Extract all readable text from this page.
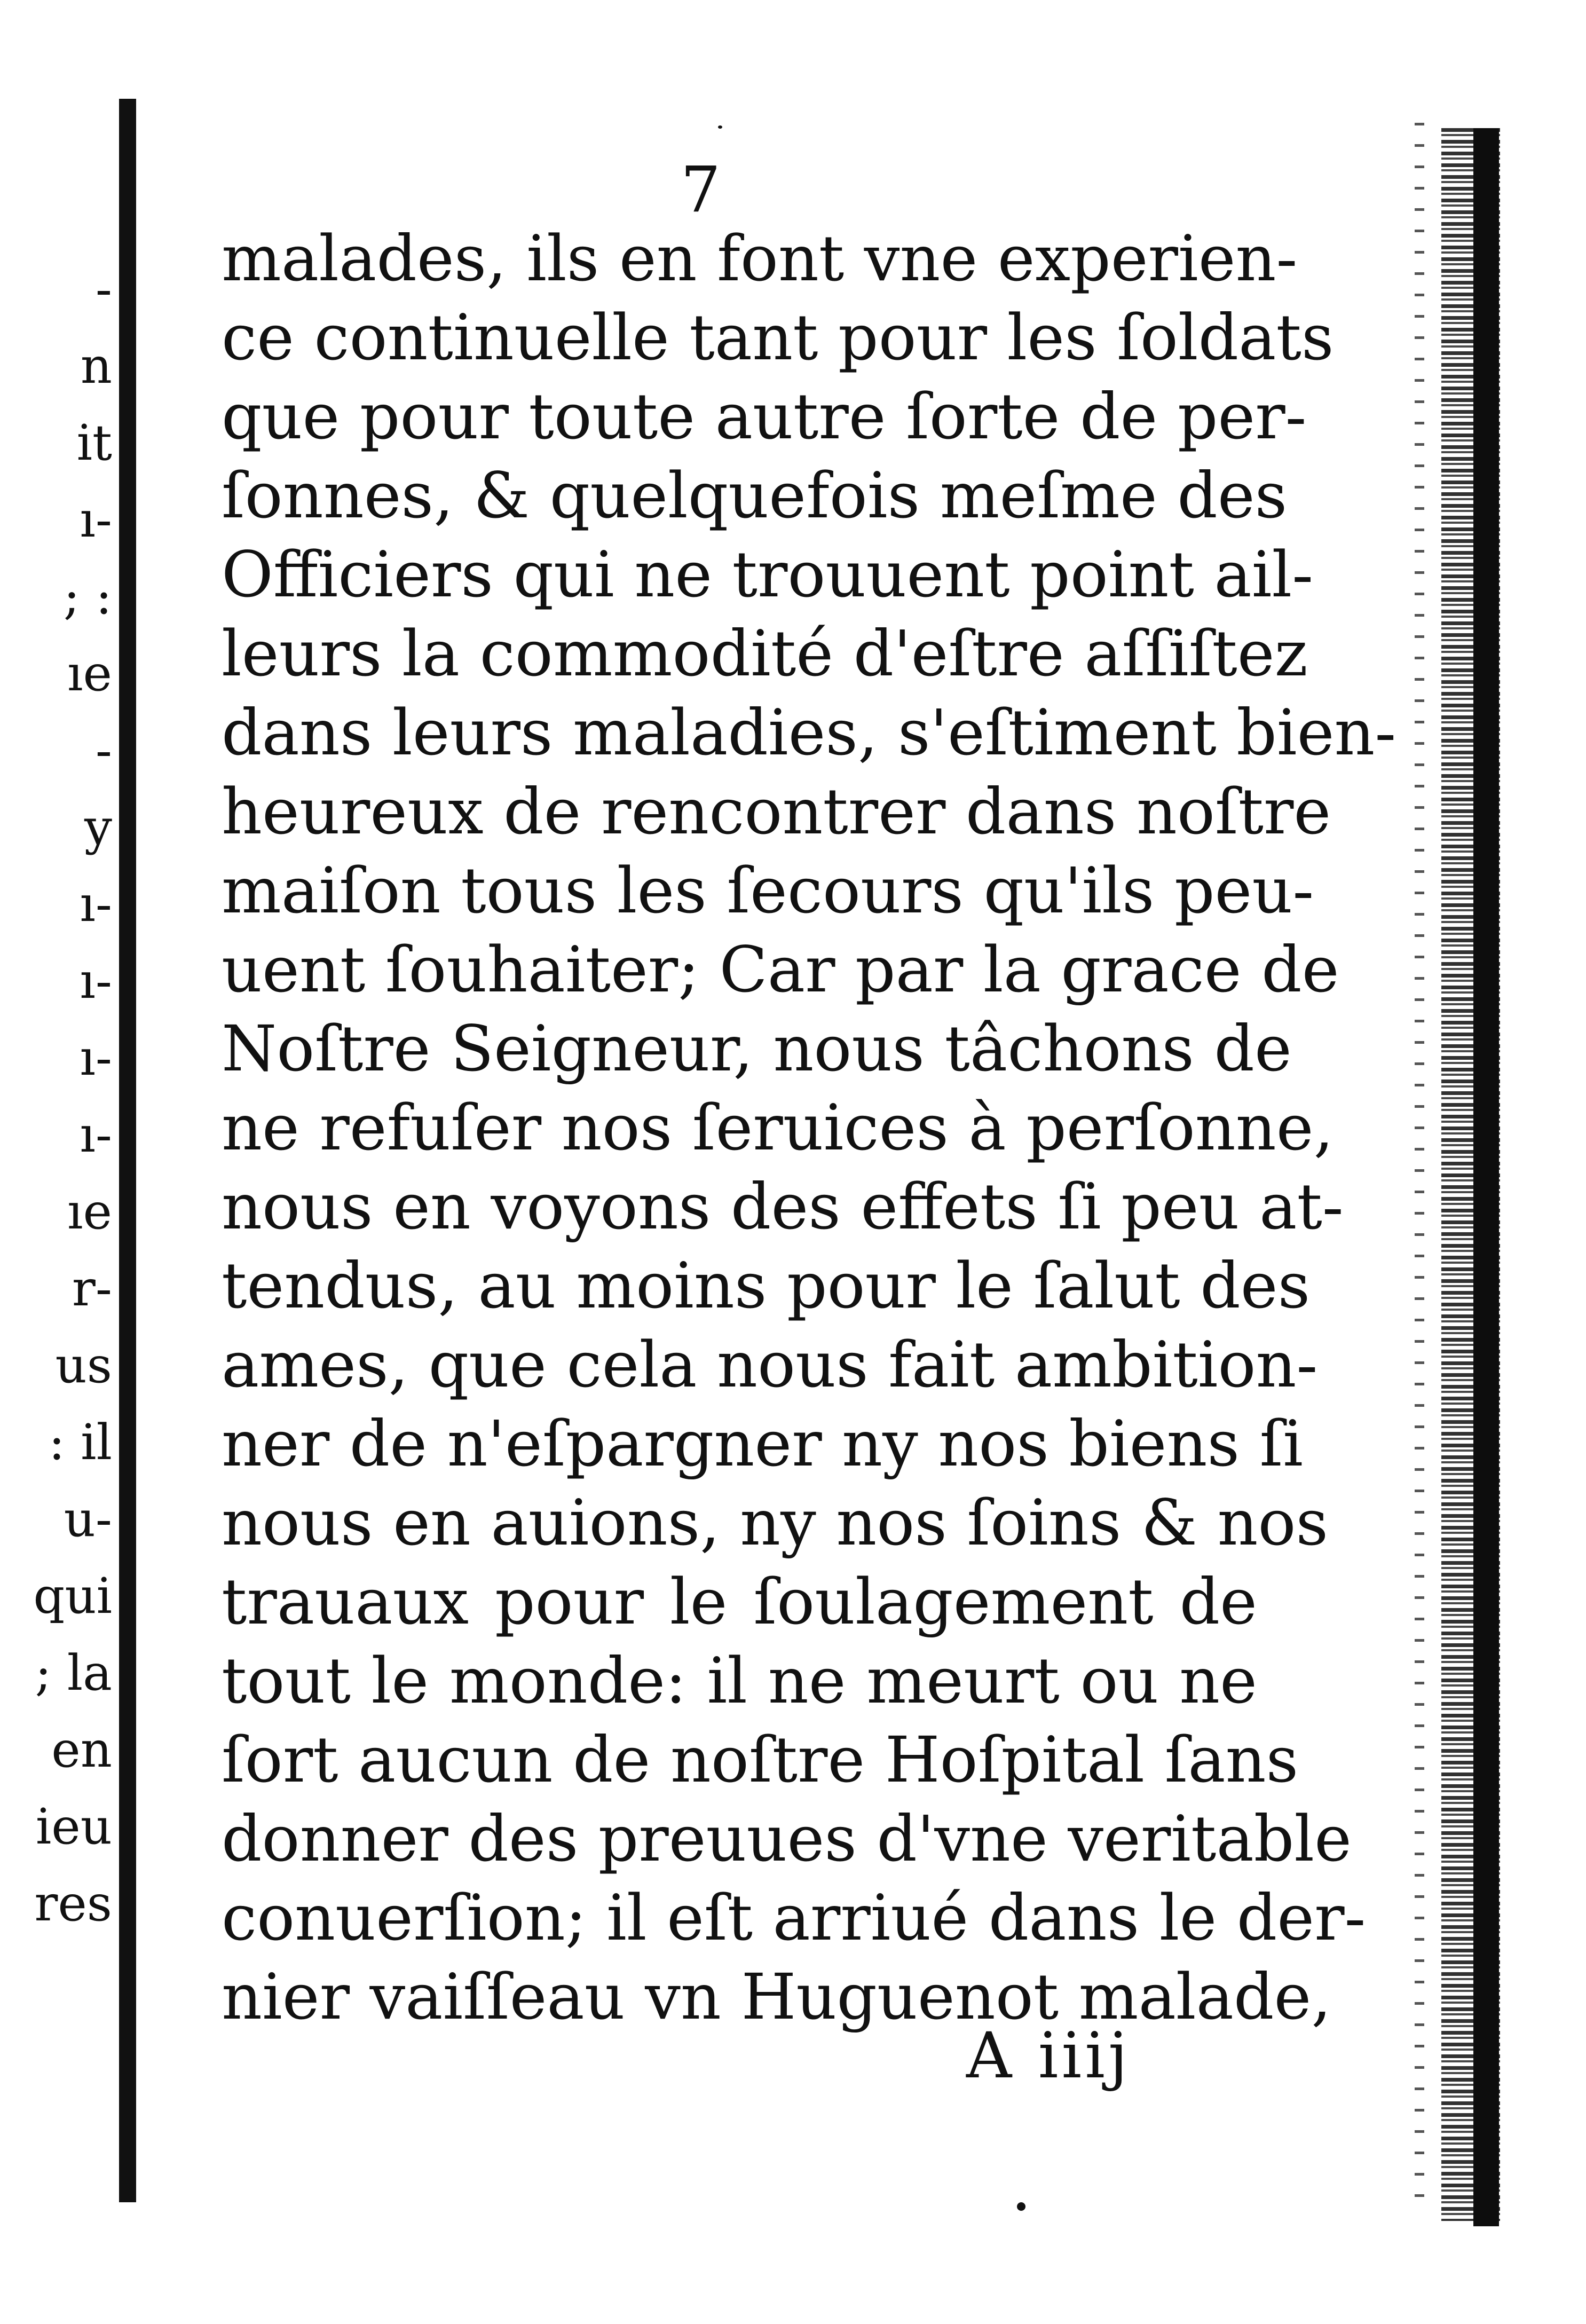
-
n
it
ı-
; :
ıe
-
y
ı-
ı-
ı-
ı-
ıe
r-
us
: il
u-
qui
; la
en
ieu
res
7
malades, ils en font vne experien-
ce continuelle tant pour les ſoldats
que pour toute autre ſorte de per-
ſonnes, & quelquefois meſme des
Officiers qui ne trouuent point ail-
leurs la commodité d'eſtre aſſiſtez
dans leurs maladies, s'eſtiment bien-
heureux de rencontrer dans noſtre
maiſon tous les ſecours qu'ils peu-
uent ſouhaiter; Car par la grace de
Noſtre Seigneur, nous tâchons de
ne refuſer nos ſeruices à perſonne,
nous en voyons des effets ſi peu at-
tendus, au moins pour le ſalut des
ames, que cela nous fait ambition-
ner de n'eſpargner ny nos biens ſi
nous en auions, ny nos ſoins & nos
trauaux pour le ſoulagement de
tout le monde: il ne meurt ou ne
ſort aucun de noſtre Hoſpital ſans
donner des preuues d'vne veritable
conuerſion; il eſt arriué dans le der-
nier vaiſſeau vn Huguenot malade,
A iiij
